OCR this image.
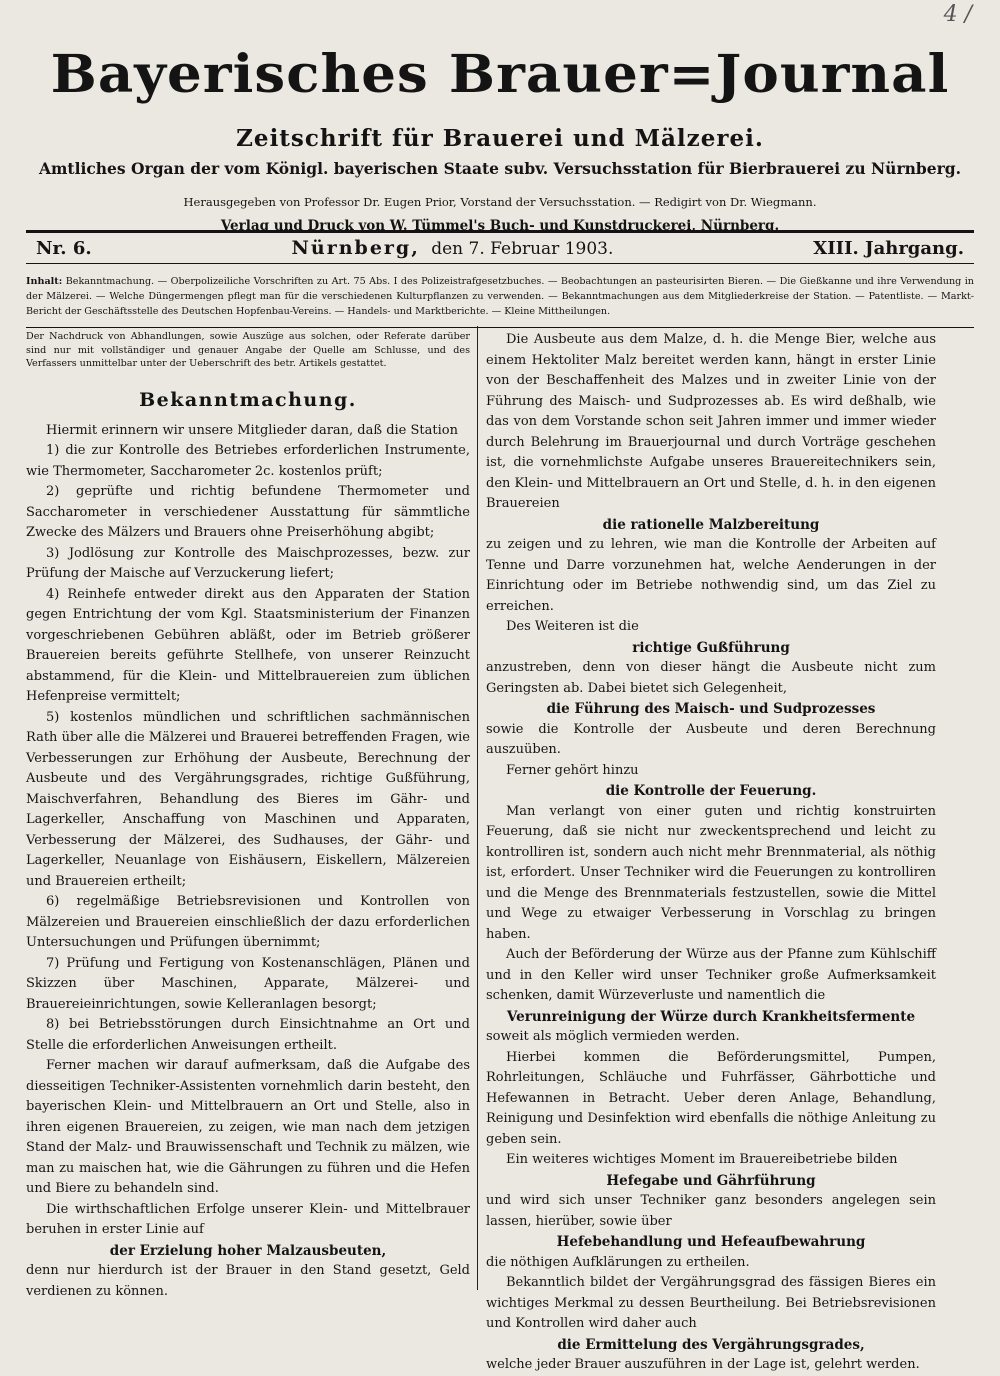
4 /
Bayerisches Brauer=Journal
Zeitschrift für Brauerei und Mälzerei.
Amtliches Organ der vom Königl. bayerischen Staate subv. Versuchsstation für Bierbrauerei zu Nürnberg.
Herausgegeben von Professor Dr. Eugen Prior, Vorstand der Versuchsstation. — Redigirt von Dr. Wiegmann.
Verlag und Druck von W. Tümmel's Buch- und Kunstdruckerei, Nürnberg.
Nr. 6.	Nürnberg, den 7. Februar 1903.	XIII. Jahrgang.
Inhalt: Bekanntmachung. — Oberpolizeiliche Vorschriften zu Art. 75 Abs. I des Polizeistrafgesetzbuches. — Beobachtungen an pasteurisirten Bieren. — Die Gießkanne und ihre Verwendung in der Mälzerei. — Welche Düngermengen pflegt man für die verschiedenen Kulturpflanzen zu verwenden. — Bekanntmachungen aus dem Mitgliederkreise der Station. — Patentliste. — Markt-Bericht der Geschäftsstelle des Deutschen Hopfenbau-Vereins. — Handels- und Marktberichte. — Kleine Mittheilungen.

Der Nachdruck von Abhandlungen, sowie Auszüge aus solchen, oder Referate darüber sind nur mit vollständiger und genauer Angabe der Quelle am Schlusse, und des Verfassers unmittelbar unter der Ueberschrift des betr. Artikels gestattet.

Bekanntmachung.

Hiermit erinnern wir unsere Mitglieder daran, daß die Station

1) die zur Kontrolle des Betriebes erforderlichen Instrumente, wie Thermometer, Saccharometer 2c. kostenlos prüft;

2) geprüfte und richtig befundene Thermometer und Saccharometer in verschiedener Ausstattung für sämmtliche Zwecke des Mälzers und Brauers ohne Preiserhöhung abgibt;

3) Jodlösung zur Kontrolle des Maischprozesses, bezw. zur Prüfung der Maische auf Verzuckerung liefert;

4) Reinhefe entweder direkt aus den Apparaten der Station gegen Entrichtung der vom Kgl. Staatsministerium der Finanzen vorgeschriebenen Gebühren abläßt, oder im Betrieb größerer Brauereien bereits geführte Stellhefe, von unserer Reinzucht abstammend, für die Klein- und Mittelbrauereien zum üblichen Hefenpreise vermittelt;

5) kostenlos mündlichen und schriftlichen sachmännischen Rath über alle die Mälzerei und Brauerei betreffenden Fragen, wie Verbesserungen zur Erhöhung der Ausbeute, Berechnung der Ausbeute und des Vergährungsgrades, richtige Gußführung, Maischverfahren, Behandlung des Bieres im Gähr- und Lagerkeller, Anschaffung von Maschinen und Apparaten, Verbesserung der Mälzerei, des Sudhauses, der Gähr- und Lagerkeller, Neuanlage von Eishäusern, Eiskellern, Mälzereien und Brauereien ertheilt;

6) regelmäßige Betriebsrevisionen und Kontrollen von Mälzereien und Brauereien einschließlich der dazu erforderlichen Untersuchungen und Prüfungen übernimmt;

7) Prüfung und Fertigung von Kostenanschlägen, Plänen und Skizzen über Maschinen, Apparate, Mälzerei- und Brauereieinrichtungen, sowie Kelleranlagen besorgt;

8) bei Betriebsstörungen durch Einsichtnahme an Ort und Stelle die erforderlichen Anweisungen ertheilt.

Ferner machen wir darauf aufmerksam, daß die Aufgabe des diesseitigen Techniker-Assistenten vornehmlich darin besteht, den bayerischen Klein- und Mittelbrauern an Ort und Stelle, also in ihren eigenen Brauereien, zu zeigen, wie man nach dem jetzigen Stand der Malz- und Brauwissenschaft und Technik zu mälzen, wie man zu maischen hat, wie die Gährungen zu führen und die Hefen und Biere zu behandeln sind.

Die wirthschaftlichen Erfolge unserer Klein- und Mittelbrauer beruhen in erster Linie auf

der Erzielung hoher Malzausbeuten,

denn nur hierdurch ist der Brauer in den Stand gesetzt, Geld verdienen zu können.

Die Ausbeute aus dem Malze, d. h. die Menge Bier, welche aus einem Hektoliter Malz bereitet werden kann, hängt in erster Linie von der Beschaffenheit des Malzes und in zweiter Linie von der Führung des Maisch- und Sudprozesses ab. Es wird deßhalb, wie das von dem Vorstande schon seit Jahren immer und immer wieder durch Belehrung im Brauerjournal und durch Vorträge geschehen ist, die vornehmlichste Aufgabe unseres Brauereitechnikers sein, den Klein- und Mittelbrauern an Ort und Stelle, d. h. in den eigenen Brauereien

die rationelle Malzbereitung

zu zeigen und zu lehren, wie man die Kontrolle der Arbeiten auf Tenne und Darre vorzunehmen hat, welche Aenderungen in der Einrichtung oder im Betriebe nothwendig sind, um das Ziel zu erreichen.

Des Weiteren ist die

richtige Gußführung

anzustreben, denn von dieser hängt die Ausbeute nicht zum Geringsten ab. Dabei bietet sich Gelegenheit,

die Führung des Maisch- und Sudprozesses

sowie die Kontrolle der Ausbeute und deren Berechnung auszuüben.

Ferner gehört hinzu

die Kontrolle der Feuerung.

Man verlangt von einer guten und richtig konstruirten Feuerung, daß sie nicht nur zweckentsprechend und leicht zu kontrolliren ist, sondern auch nicht mehr Brennmaterial, als nöthig ist, erfordert. Unser Techniker wird die Feuerungen zu kontrolliren und die Menge des Brennmaterials festzustellen, sowie die Mittel und Wege zu etwaiger Verbesserung in Vorschlag zu bringen haben.

Auch der Beförderung der Würze aus der Pfanne zum Kühlschiff und in den Keller wird unser Techniker große Aufmerksamkeit schenken, damit Würzeverluste und namentlich die

Verunreinigung der Würze durch Krankheitsfermente

soweit als möglich vermieden werden.

Hierbei kommen die Beförderungsmittel, Pumpen, Rohrleitungen, Schläuche und Fuhrfässer, Gährbottiche und Hefewannen in Betracht. Ueber deren Anlage, Behandlung, Reinigung und Desinfektion wird ebenfalls die nöthige Anleitung zu geben sein.

Ein weiteres wichtiges Moment im Brauereibetriebe bilden

Hefegabe und Gährführung

und wird sich unser Techniker ganz besonders angelegen sein lassen, hierüber, sowie über

Hefebehandlung und Hefeaufbewahrung

die nöthigen Aufklärungen zu ertheilen.

Bekanntlich bildet der Vergährungsgrad des fässigen Bieres ein wichtiges Merkmal zu dessen Beurtheilung. Bei Betriebsrevisionen und Kontrollen wird daher auch

die Ermittelung des Vergährungsgrades,

welche jeder Brauer auszuführen in der Lage ist, gelehrt werden.
